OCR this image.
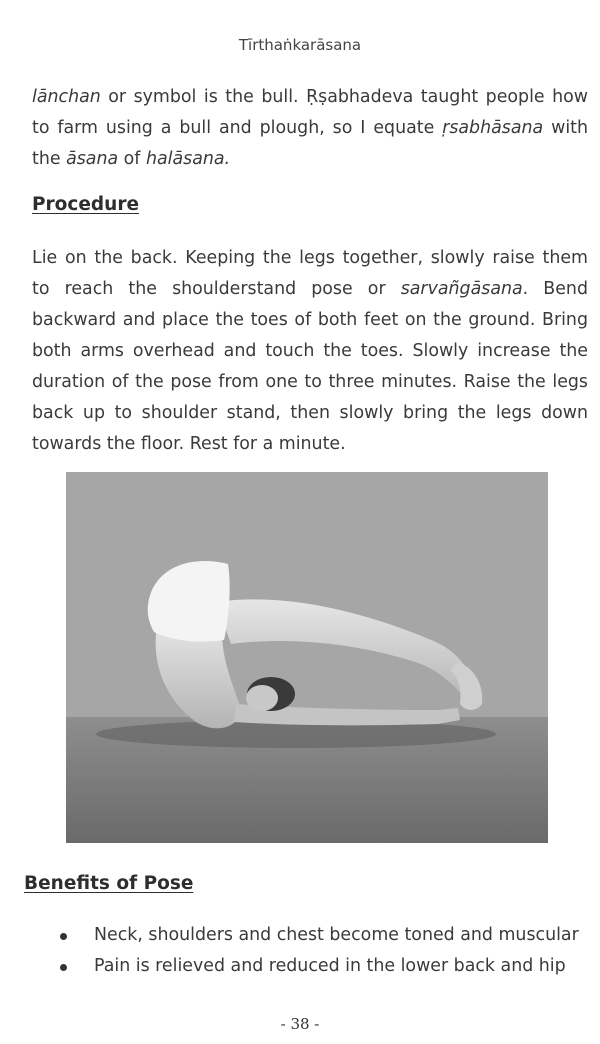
Tīrthaṅkarāsana

lānchan or symbol is the bull. Ṛṣabhadeva taught people how to farm using a bull and plough, so I equate ṛsabhāsana with the āsana of halāsana.

Procedure

Lie on the back. Keeping the legs together, slowly raise them to reach the shoulderstand pose or sarvañgāsana. Bend backward and place the toes of both feet on the ground. Bring both arms overhead and touch the toes. Slowly increase the duration of the pose from one to three minutes. Raise the legs back up to shoulder stand, then slowly bring the legs down towards the floor. Rest for a minute.

Benefits of Pose
Neck, shoulders and chest become toned and muscular
Pain is relieved and reduced in the lower back and hip
- 38 -
